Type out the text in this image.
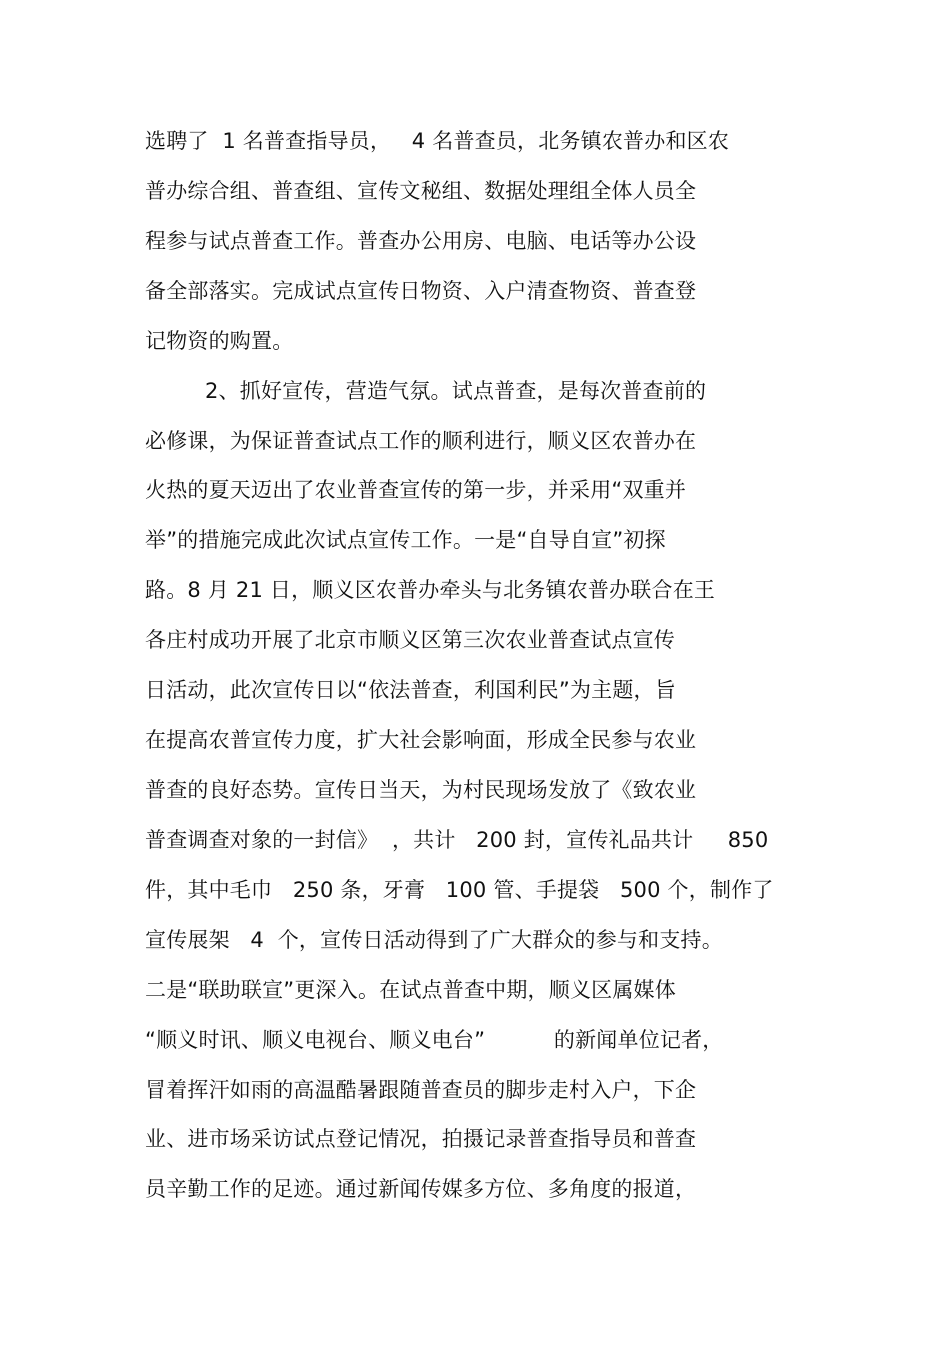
选聘了  1 名普查指导员，   4 名普查员，北务镇农普办和区农
普办综合组、普查组、宣传文秘组、数据处理组全体人员全
程参与试点普查工作。普查办公用房、电脑、电话等办公设
备全部落实。完成试点宣传日物资、入户清查物资、普查登
记物资的购置。
2、抓好宣传，营造气氛。试点普查，是每次普查前的
必修课，为保证普查试点工作的顺利进行，顺义区农普办在
火热的夏天迈出了农业普查宣传的第一步，并采用“双重并
举”的措施完成此次试点宣传工作。一是“自导自宣”初探
路。8 月 21 日，顺义区农普办牵头与北务镇农普办联合在王
各庄村成功开展了北京市顺义区第三次农业普查试点宣传
日活动，此次宣传日以“依法普查，利国利民”为主题，旨
在提高农普宣传力度，扩大社会影响面，形成全民参与农业
普查的良好态势。宣传日当天，为村民现场发放了《致农业
普查调查对象的一封信》  ，共计   200 封，宣传礼品共计     850
件，其中毛巾   250 条，牙膏   100 管、手提袋   500 个，制作了
宣传展架   4  个，宣传日活动得到了广大群众的参与和支持。
二是“联助联宣”更深入。在试点普查中期，顺义区属媒体
“顺义时讯、顺义电视台、顺义电台”          的新闻单位记者，
冒着挥汗如雨的高温酷暑跟随普查员的脚步走村入户，下企
业、进市场采访试点登记情况，拍摄记录普查指导员和普查
员辛勤工作的足迹。通过新闻传媒多方位、多角度的报道，
